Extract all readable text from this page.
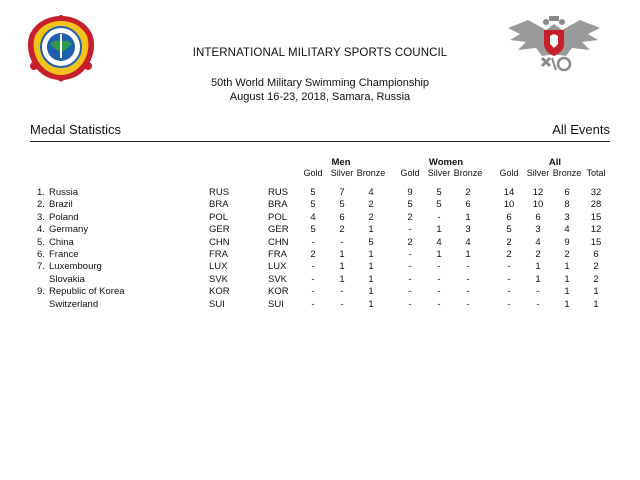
INTERNATIONAL MILITARY SPORTS COUNCIL
50th World Military Swimming Championship
August 16-23, 2018, Samara, Russia
Medal Statistics	All Events
Men	Women	All
Gold Silver Bronze	Gold Silver Bronze	Gold Silver Bronze Total
1. Russia	RUS	RUS	5	7	4	9	5	2	14	12	6	32
2. Brazil	BRA	BRA	5	5	2	5	5	6	10	10	8	28
3. Poland	POL	POL	4	6	2	2	-	1	6	6	3	15
4. Germany	GER	GER	5	2	1	-	1	3	5	3	4	12
5. China	CHN	CHN	-	-	5	2	4	4	2	4	9	15
6. France	FRA	FRA	2	1	1	-	1	1	2	2	2	6
7. Luxembourg	LUX	LUX	-	1	1	-	-	-	-	1	1	2
Slovakia	SVK	SVK	-	1	1	-	-	-	-	1	1	2
9. Republic of Korea	KOR	KOR	-	-	1	-	-	-	-	-	1	1
Switzerland	SUI	SUI	-	-	1	-	-	-	-	-	1	1
